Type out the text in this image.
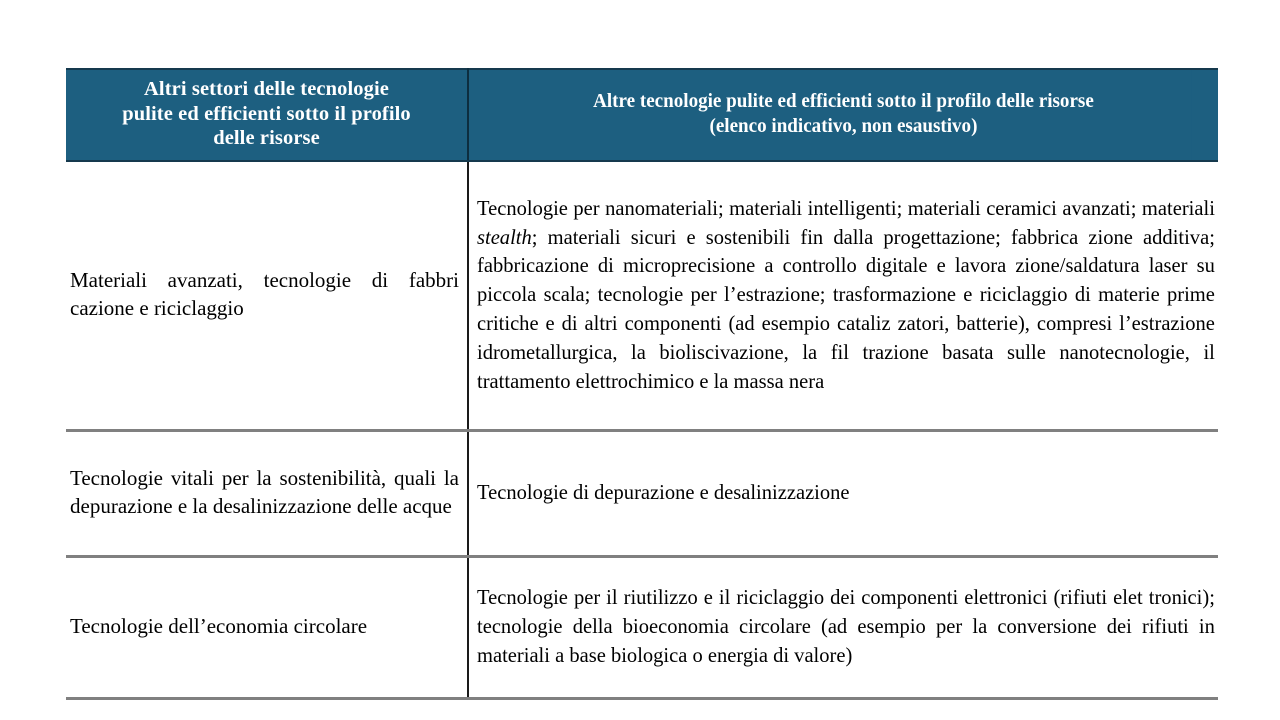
Altri settori delle tecnologie
pulite ed efficienti sotto il profilo
delle risorse	Altre tecnologie pulite ed efficienti sotto il profilo delle risorse
(elenco indicativo, non esaustivo)

Materiali avanzati, tecnologie di fabbri cazione e riciclaggio	Tecnologie per nanomateriali; materiali intelligenti; materiali ceramici avanzati; materiali stealth; materiali sicuri e sostenibili fin dalla progettazione; fabbrica zione additiva; fabbricazione di microprecisione a controllo digitale e lavora zione/saldatura laser su piccola scala; tecnologie per l’estrazione; trasformazione e riciclaggio di materie prime critiche e di altri componenti (ad esempio cataliz zatori, batterie), compresi l’estrazione idrometallurgica, la bioliscivazione, la fil trazione basata sulle nanotecnologie, il trattamento elettrochimico e la massa nera

Tecnologie vitali per la sostenibilità, quali la depurazione e la desalinizzazione delle acque	Tecnologie di depurazione e desalinizzazione

Tecnologie dell’economia circolare	Tecnologie per il riutilizzo e il riciclaggio dei componenti elettronici (rifiuti elet tronici); tecnologie della bioeconomia circolare (ad esempio per la conversione dei rifiuti in materiali a base biologica o energia di valore)
